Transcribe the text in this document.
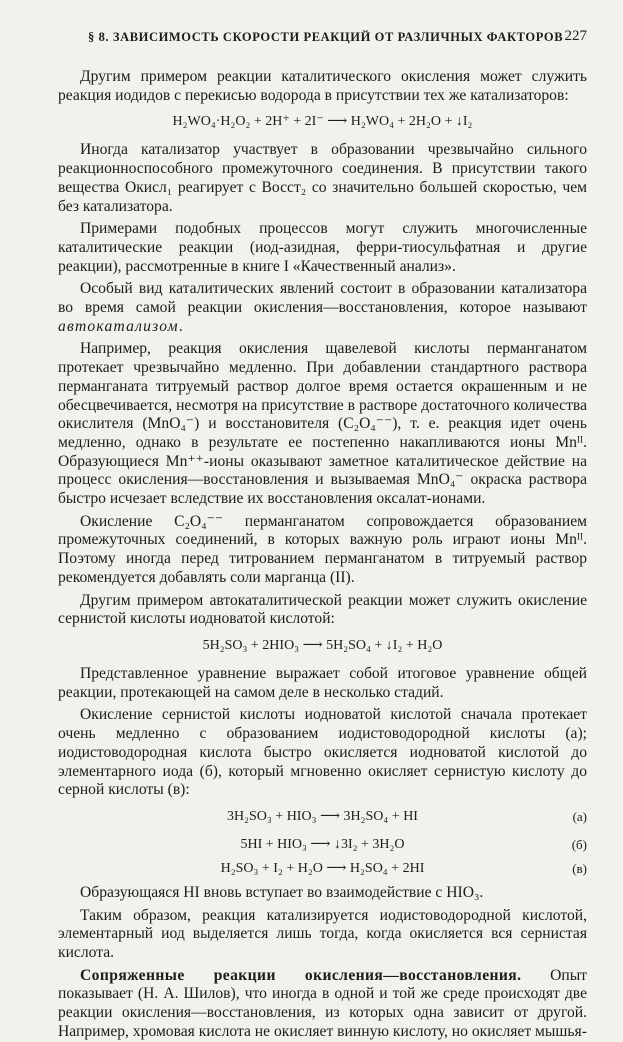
§ 8. ЗАВИСИМОСТЬ СКОРОСТИ РЕАКЦИЙ ОТ РАЗЛИЧНЫХ ФАКТОРОВ 227

Другим примером реакции каталитического окисления может служить реакция иодидов с перекисью водорода в присутствии тех же катализаторов:

H₂WO₄·H₂O₂ + 2H⁺ + 2I⁻ ⟶ H₂WO₄ + 2H₂O + ↓I₂

Иногда катализатор участвует в образовании чрезвычайно сильного реакционноспособного промежуточного соединения. В присутствии такого вещества Окисл₁ реагирует с Восст₂ со значительно большей скоростью, чем без катализатора.

Примерами подобных процессов могут служить многочисленные каталитические реакции (иод-азидная, ферри-тиосульфатная и другие реакции), рассмотренные в книге I «Качественный анализ».

Особый вид каталитических явлений состоит в образовании катализатора во время самой реакции окисления—восстановления, которое называют автокатализом.

Например, реакция окисления щавелевой кислоты перманганатом протекает чрезвычайно медленно. При добавлении стандартного раствора перманганата титруемый раствор долгое время остается окрашенным и не обесцвечивается, несмотря на присутствие в растворе достаточного количества окислителя (MnO₄⁻) и восстановителя (C₂O₄⁻⁻), т. е. реакция идет очень медленно, однако в результате ее постепенно накапливаются ионы Mnᴵᴵ. Образующиеся Mn⁺⁺-ионы оказывают заметное каталитическое действие на процесс окисления—восстановления и вызываемая MnO₄⁻ окраска раствора быстро исчезает вследствие их восстановления оксалат-ионами.

Окисление C₂O₄⁻⁻ перманганатом сопровождается образованием промежуточных соединений, в которых важную роль играют ионы Mnᴵᴵ. Поэтому иногда перед титрованием перманганатом в титруемый раствор рекомендуется добавлять соли марганца (II).

Другим примером автокаталитической реакции может служить окисление сернистой кислоты иодноватой кислотой:

5H₂SO₃ + 2HIO₃ ⟶ 5H₂SO₄ + ↓I₂ + H₂O

Представленное уравнение выражает собой итоговое уравнение общей реакции, протекающей на самом деле в несколько стадий.

Окисление сернистой кислоты иодноватой кислотой сначала протекает очень медленно с образованием иодистоводородной кислоты (а); иодистоводородная кислота быстро окисляется иодноватой кислотой до элементарного иода (б), который мгновенно окисляет сернистую кислоту до серной кислоты (в):

3H₂SO₃ + HIO₃ ⟶ 3H₂SO₄ + HI	(а)
5HI + HIO₃ ⟶ ↓3I₂ + 3H₂O	(б)
H₂SO₃ + I₂ + H₂O ⟶ H₂SO₄ + 2HI	(в)

Образующаяся HI вновь вступает во взаимодействие с HIO₃.

Таким образом, реакция катализируется иодистоводородной кислотой, элементарный иод выделяется лишь тогда, когда окисляется вся сернистая кислота.

Сопряженные реакции окисления—восстановления. Опыт показывает (Н. А. Шилов), что иногда в одной и той же среде происходят две реакции окисления—восстановления, из которых одна зависит от другой. Например, хромовая кислота не окисляет винную кислоту, но окисляет мышья-
